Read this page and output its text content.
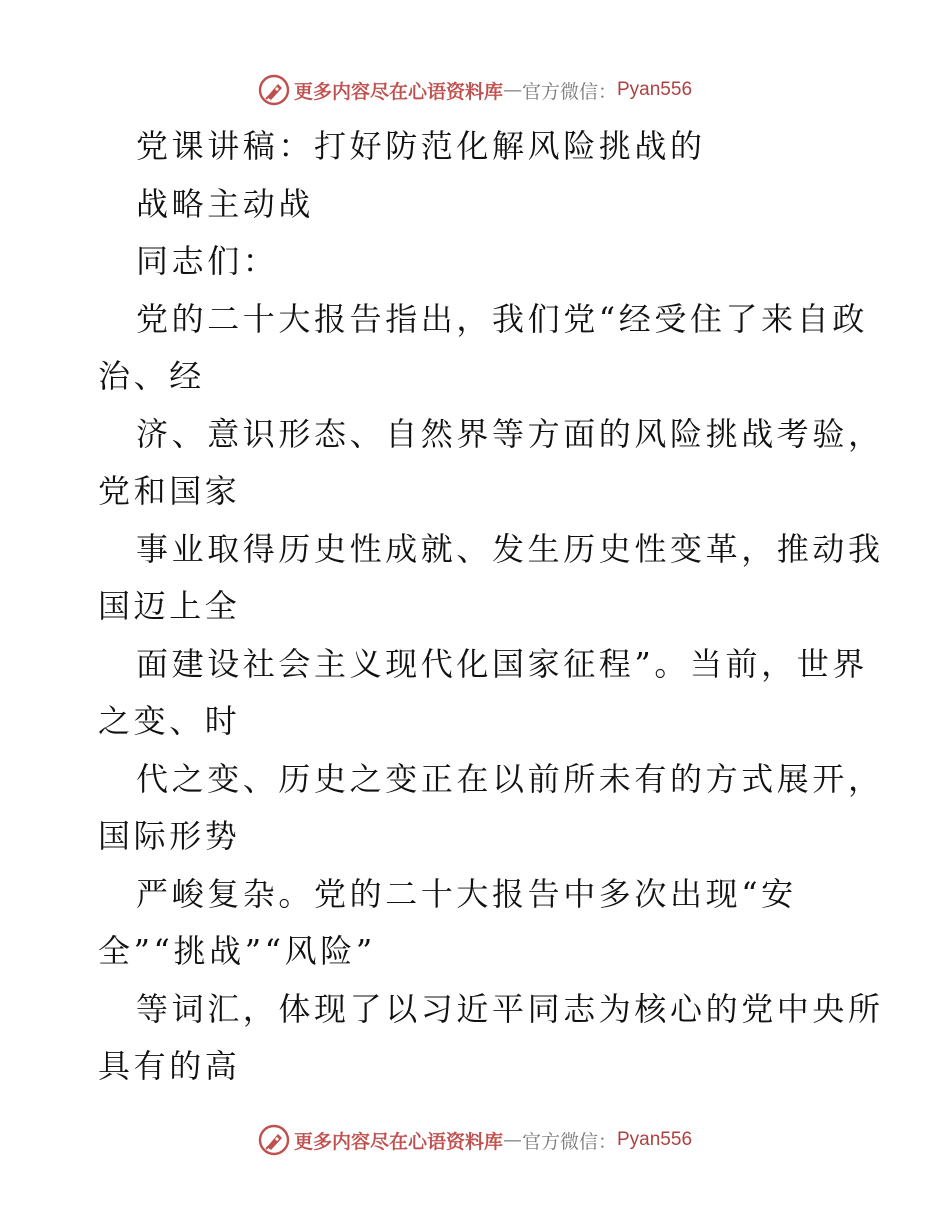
更多内容尽在心语资料库 — 官方微信： Pyan556
党课讲稿：打好防范化解风险挑战的
战略主动战
同志们：
党的二十大报告指出，我们党“经受住了来自政
治、经
济、意识形态、自然界等方面的风险挑战考验，
党和国家
事业取得历史性成就、发生历史性变革，推动我
国迈上全
面建设社会主义现代化国家征程”。当前，世界
之变、时
代之变、历史之变正在以前所未有的方式展开，
国际形势
严峻复杂。党的二十大报告中多次出现“安
全”“挑战”“风险”
等词汇，体现了以习近平同志为核心的党中央所
具有的高
更多内容尽在心语资料库 — 官方微信： Pyan556
